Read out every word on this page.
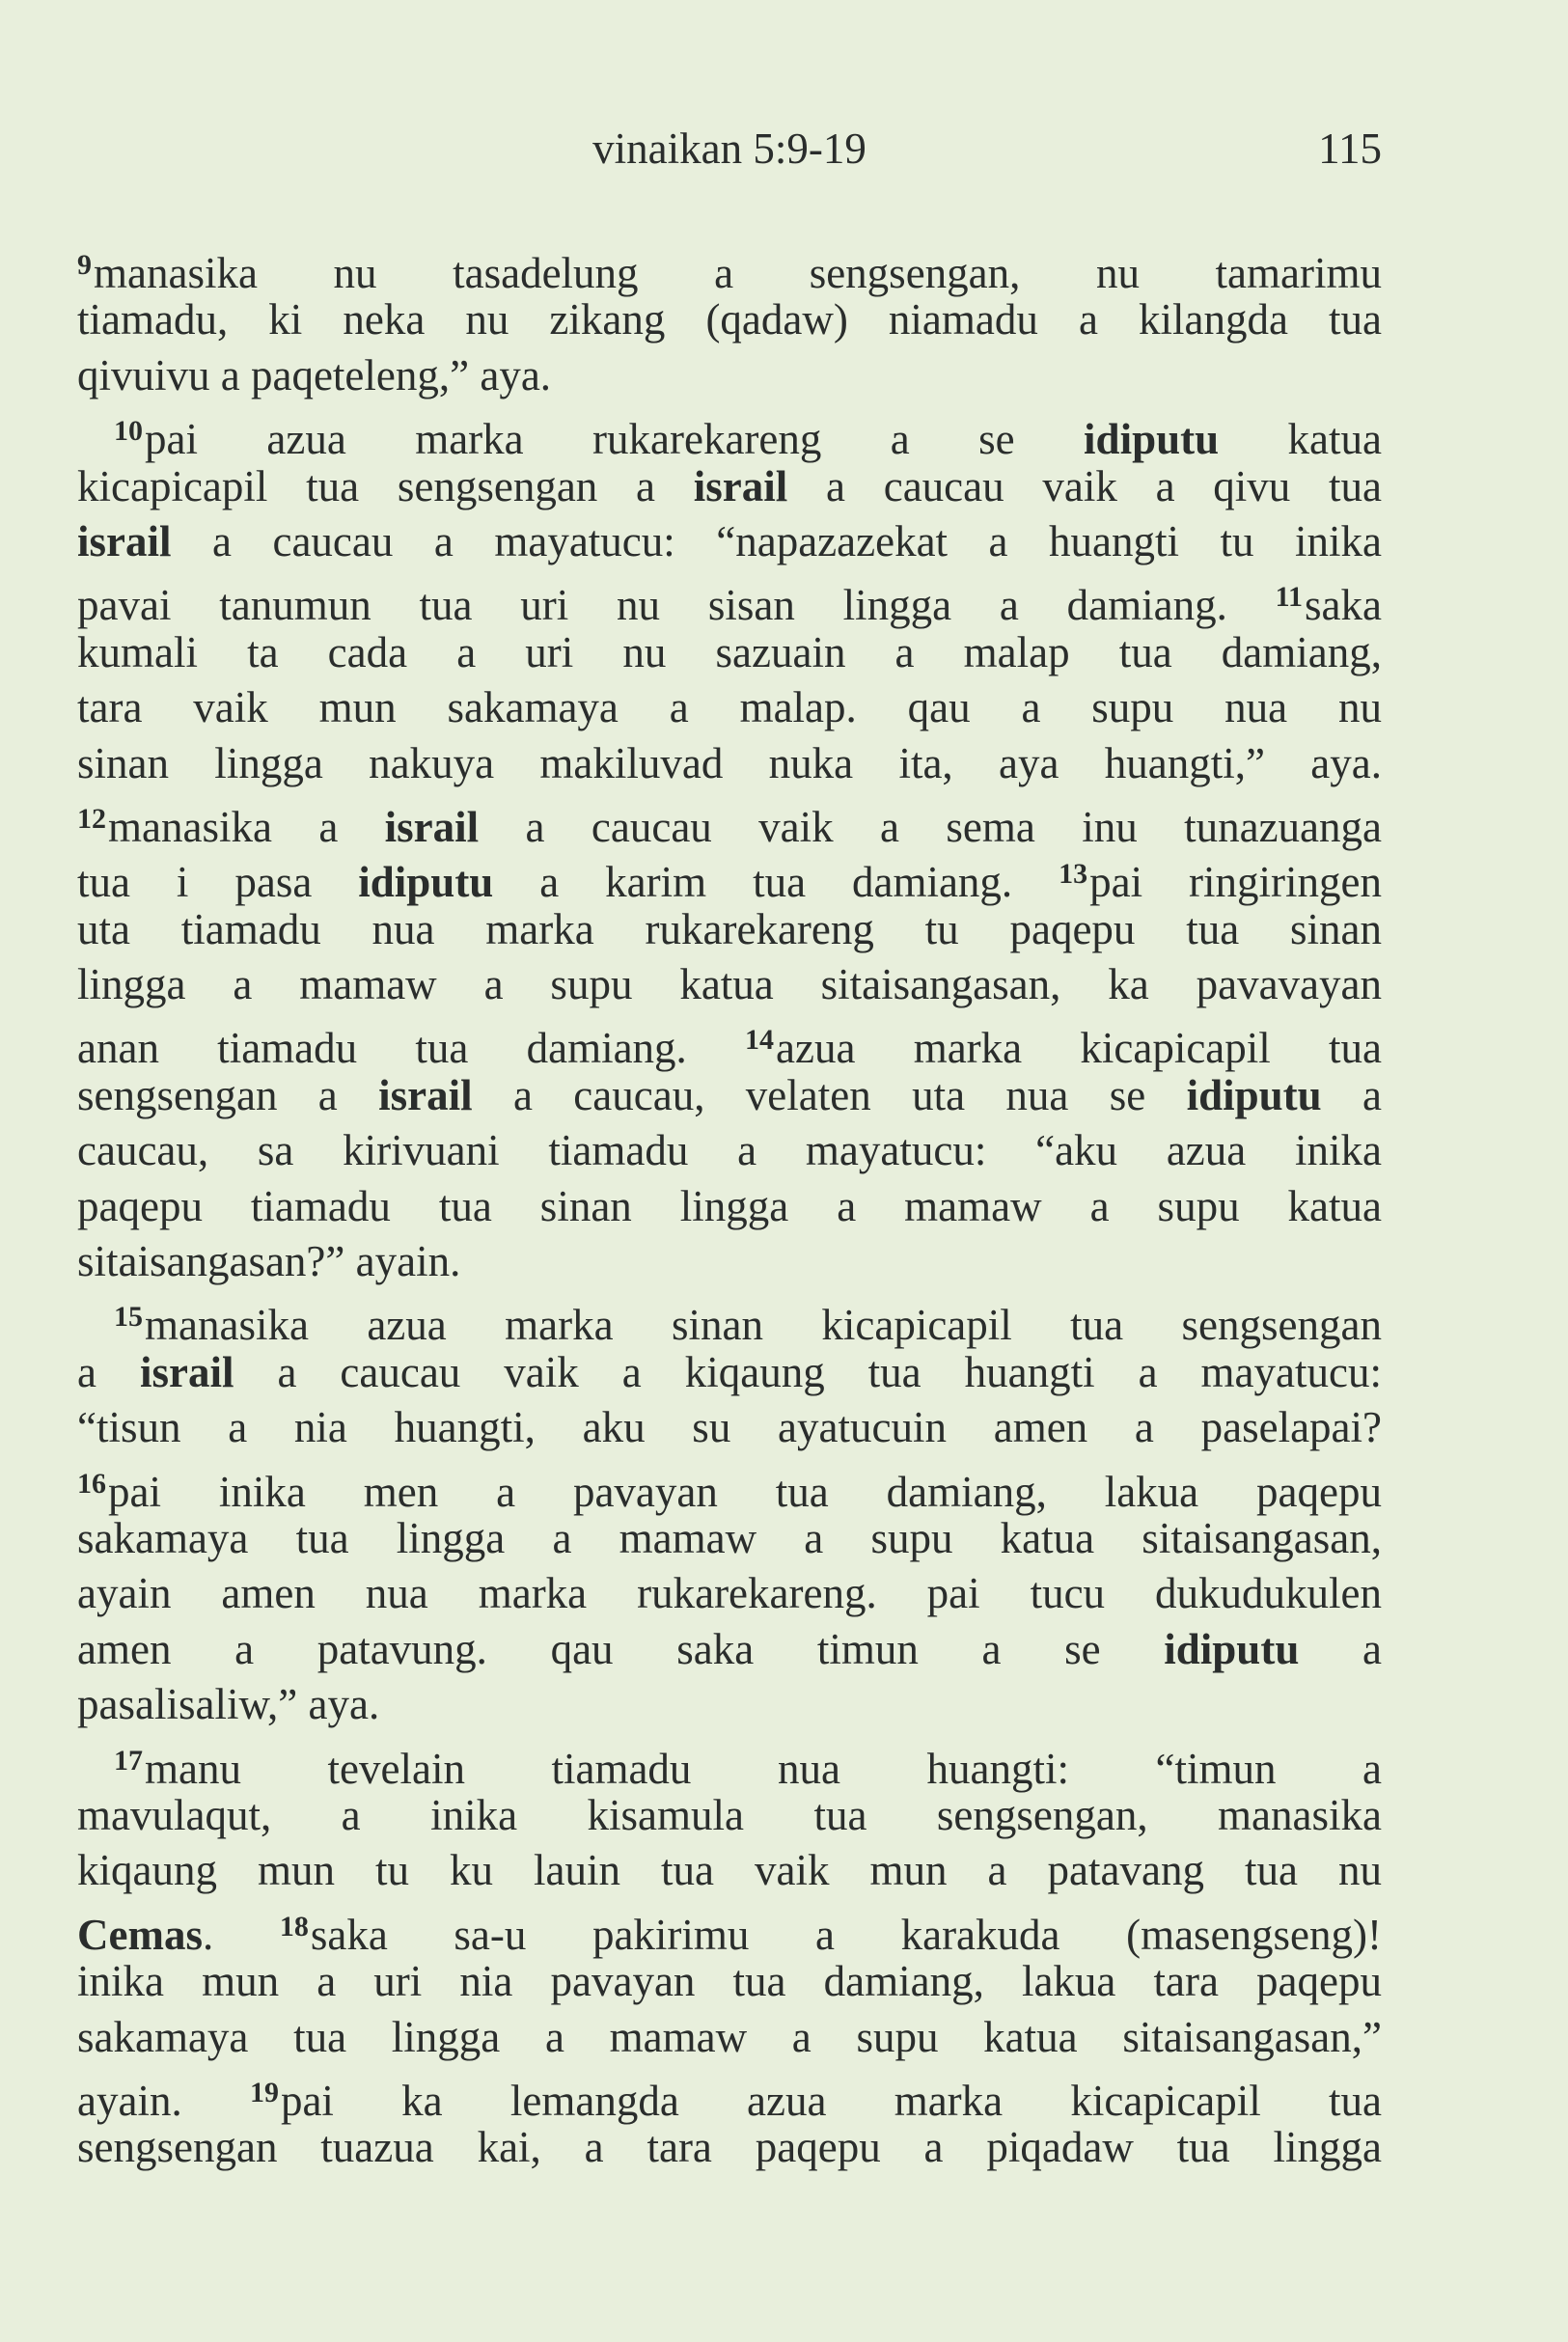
vinaikan 5:9-19	115
$^9$manasika nu tasadelung a sengsengan, nu tamarimu
tiamadu, ki neka nu zikang (qadaw) niamadu a kilangda tua
qivuivu a paqeteleng,” aya.
$^{10}$pai azua marka rukarekareng a se idiputu katua
kicapicapil tua sengsengan a israil a caucau vaik a qivu tua
israil a caucau a mayatucu: “napazazekat a huangti tu inika
pavai tanumun tua uri nu sisan lingga a damiang. $^{11}$saka
kumali ta cada a uri nu sazuain a malap tua damiang,
tara vaik mun sakamaya a malap. qau a supu nua nu
sinan lingga nakuya makiluvad nuka ita, aya huangti,” aya.
$^{12}$manasika a israil a caucau vaik a sema inu tunazuanga
tua i pasa idiputu a karim tua damiang. $^{13}$pai ringiringen
uta tiamadu nua marka rukarekareng tu paqepu tua sinan
lingga a mamaw a supu katua sitaisangasan, ka pavavayan
anan tiamadu tua damiang. $^{14}$azua marka kicapicapil tua
sengsengan a israil a caucau, velaten uta nua se idiputu a
caucau, sa kirivuani tiamadu a mayatucu: “aku azua inika
paqepu tiamadu tua sinan lingga a mamaw a supu katua
sitaisangasan?” ayain.
$^{15}$manasika azua marka sinan kicapicapil tua sengsengan
a israil a caucau vaik a kiqaung tua huangti a mayatucu:
“tisun a nia huangti, aku su ayatucuin amen a paselapai?
$^{16}$pai inika men a pavayan tua damiang, lakua paqepu
sakamaya tua lingga a mamaw a supu katua sitaisangasan,
ayain amen nua marka rukarekareng. pai tucu dukudukulen
amen a patavung. qau saka timun a se idiputu a
pasalisaliw,” aya.
$^{17}$manu tevelain tiamadu nua huangti: “timun a
mavulaqut, a inika kisamula tua sengsengan, manasika
kiqaung mun tu ku lauin tua vaik mun a patavang tua nu
Cemas. $^{18}$saka sa-u pakirimu a karakuda (masengseng)!
inika mun a uri nia pavayan tua damiang, lakua tara paqepu
sakamaya tua lingga a mamaw a supu katua sitaisangasan,”
ayain. $^{19}$pai ka lemangda azua marka kicapicapil tua
sengsengan tuazua kai, a tara paqepu a piqadaw tua lingga
